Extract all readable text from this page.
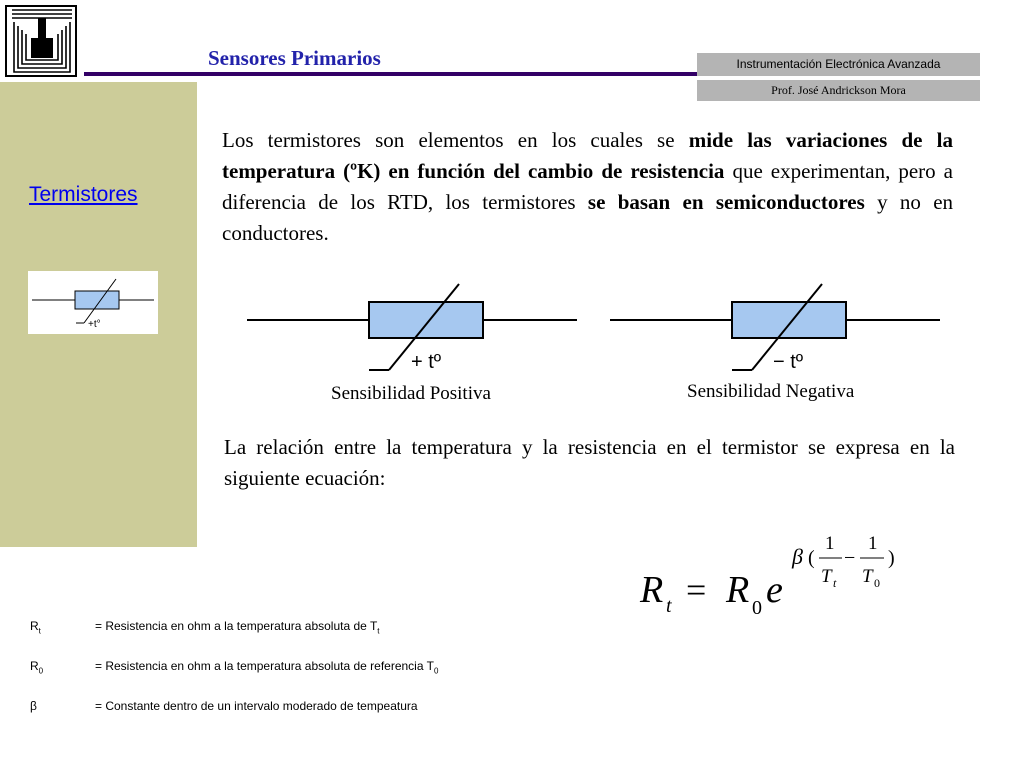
Sensores Primarios	Instrumentación Electrónica Avanzada
Prof. José Andrickson Mora
Termistores
+t°
Los termistores son elementos en los cuales se mide las variaciones de la temperatura (ºK) en función del cambio de resistencia que experimentan, pero a diferencia de los RTD, los termistores se basan en semiconductores y no en conductores.
+ tº
Sensibilidad Positiva
− tº
Sensibilidad Negativa
La relación entre la temperatura y la resistencia en el termistor se expresa en la siguiente ecuación:
R t = R 0 e
β (
1
T t
−
1
T 0
)
$R_t$	= Resistencia en ohm a la temperatura absoluta de $T_t$
$R_0$	= Resistencia en ohm a la temperatura absoluta de referencia $T_0$
β	= Constante dentro de un intervalo moderado de tempeatura
